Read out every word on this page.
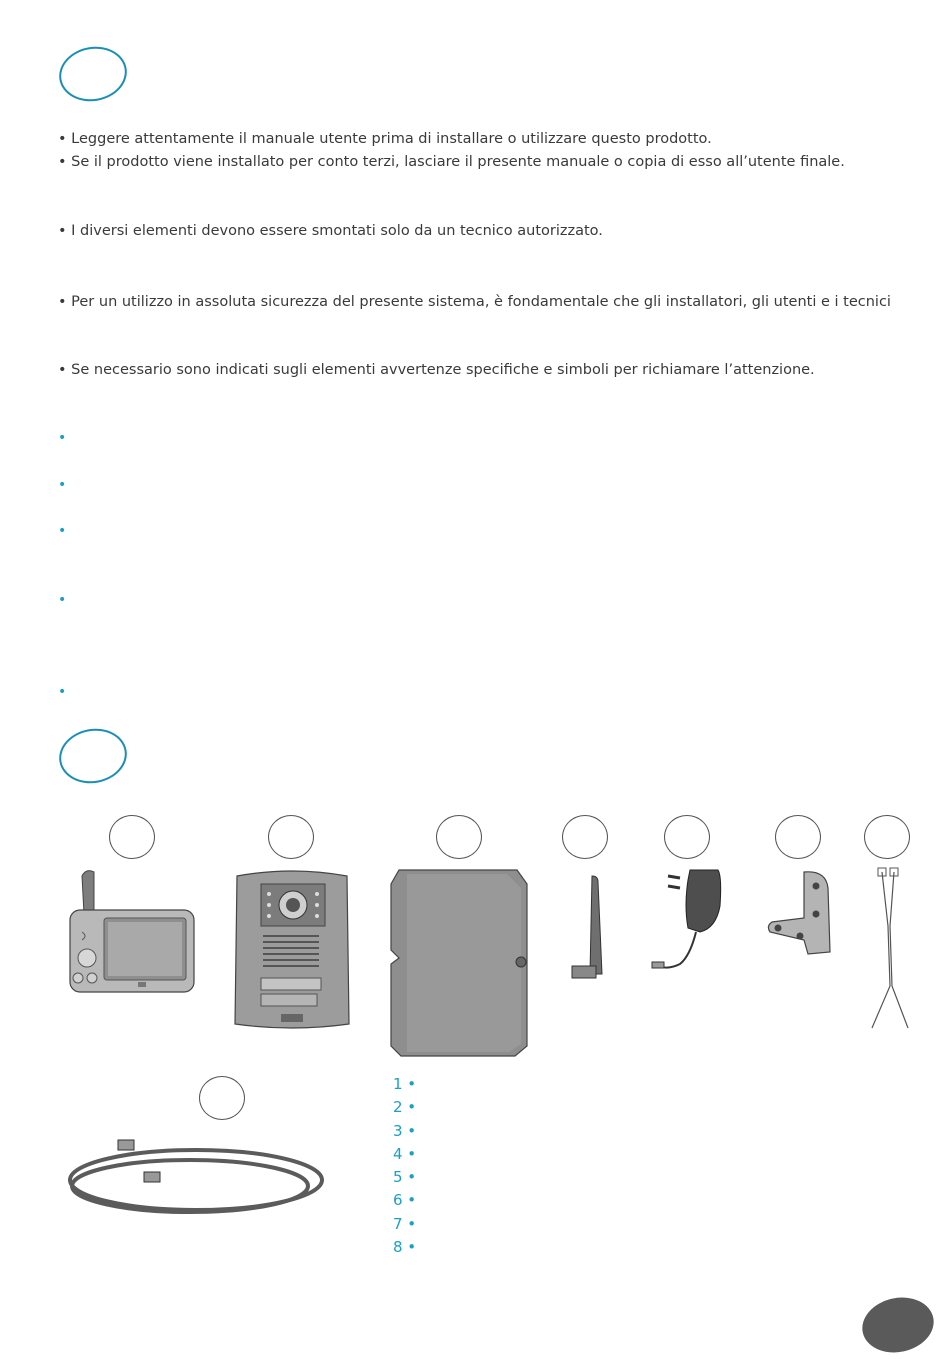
• Leggere attentamente il manuale utente prima di installare o utilizzare questo prodotto.
• Se il prodotto viene installato per conto terzi, lasciare il presente manuale o copia di esso all’utente finale.
• I diversi elementi devono essere smontati solo da un tecnico autorizzato.
• Per un utilizzo in assoluta sicurezza del presente sistema, è fondamentale che gli installatori, gli utenti e i tecnici
• Se necessario sono indicati sugli elementi avvertenze specifiche e simboli per richiamare l’attenzione.
•
•
•
•
•
1 •
2 •
3 •
4 •
5 •
6 •
7 •
8 •
